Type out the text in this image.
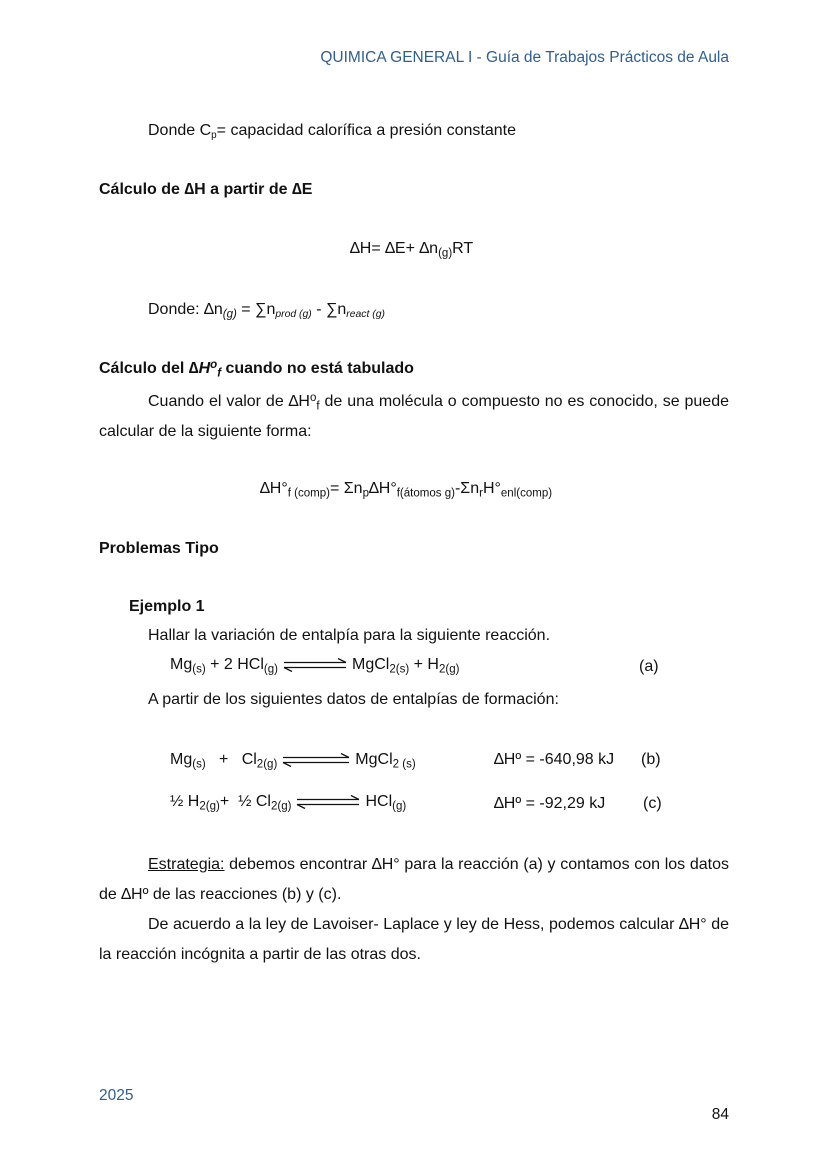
QUIMICA GENERAL I - Guía de Trabajos Prácticos de Aula
Donde $C_p=$ capacidad calorífica a presión constante
Cálculo de ∆H a partir de ∆E
$\Delta H= \Delta E+ \Delta n_{(g)}RT$
Donde: $\Delta n_{(g)} = \sum n_{prod (g)} - \sum n_{react (g)}$
Cálculo del $\Delta H^o_f$ cuando no está tabulado
Cuando el valor de $\Delta H^o_f$ de una molécula o compuesto no es conocido, se puede calcular de la siguiente forma:
$\Delta H^\circ_{f (comp)}= \Sigma n_p\Delta H^\circ_{f(átomos g)}-\Sigma n_rH^\circ_{enl(comp)}$
Problemas Tipo
Ejemplo 1
Hallar la variación de entalpía para la siguiente reacción.
$Mg_{(s)} + 2$ HCl$_{(g)}$	MgCl$_{2(s)}$ + $H_{2(g)}$	(a)
A partir de los siguientes datos de entalpías de formación:
$Mg_{(s)} + Cl_{2(g)}$	MgCl$_{2 (s)}$	∆Hº = -640,98 kJ (b)
½ $H_{2(g)}+$  ½ $Cl_{2(g)}$	HCl$_{(g)}$	∆Hº = -92,29 kJ (c)
Estrategia: debemos encontrar ∆H° para la reacción (a) y contamos con los datos de ∆Hº de las reacciones (b) y (c).
De acuerdo a la ley de Lavoiser- Laplace y ley de Hess, podemos calcular ∆H° de la reacción incógnita a partir de las otras dos.
2025
84
